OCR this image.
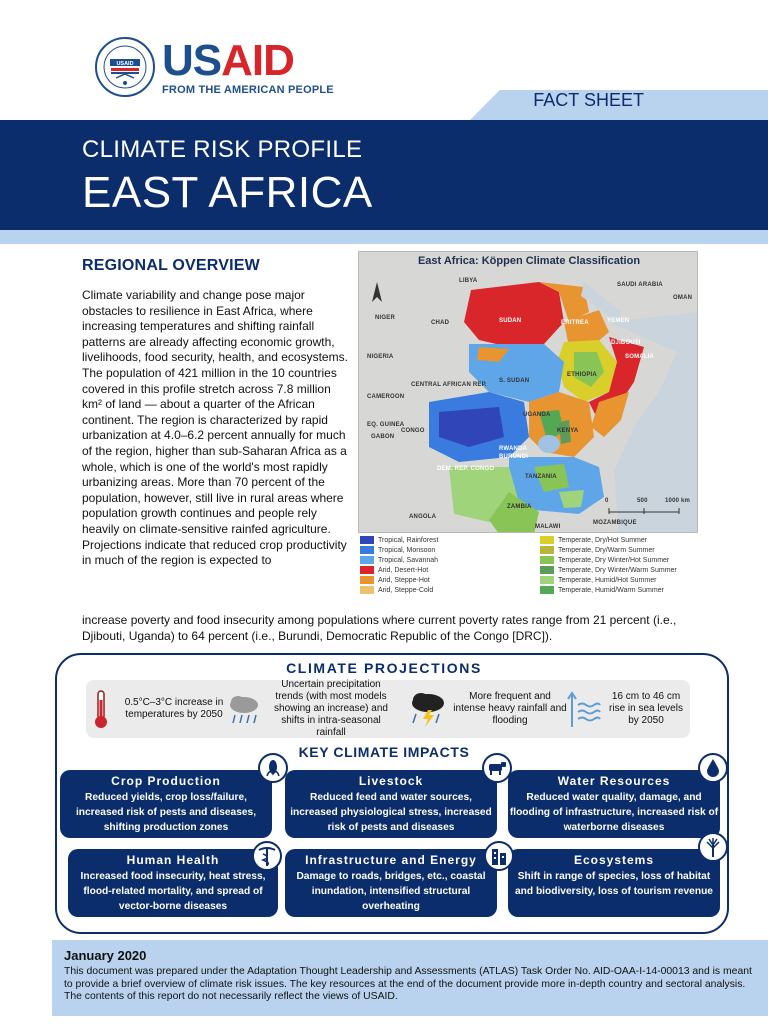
USAID USAID
FROM THE AMERICAN PEOPLE
FACT SHEET
CLIMATE RISK PROFILE
EAST AFRICA
REGIONAL OVERVIEW
Climate variability and change pose major obstacles to resilience in East Africa, where increasing temperatures and shifting rainfall patterns are already affecting economic growth, livelihoods, food security, health, and ecosystems. The population of 421 million in the 10 countries covered in this profile stretch across 7.8 million km² of land — about a quarter of the African continent. The region is characterized by rapid urbanization at 4.0–6.2 percent annually for much of the region, higher than sub-Saharan Africa as a whole, which is one of the world's most rapidly urbanizing areas. More than 70 percent of the population, however, still live in rural areas where population growth continues and people rely heavily on climate-sensitive rainfed agriculture. Projections indicate that reduced crop productivity in much of the region is expected to
increase poverty and food insecurity among populations where current poverty rates range from 21 percent (i.e., Djibouti, Uganda) to 64 percent (i.e., Burundi, Democratic Republic of the Congo [DRC]).
East Africa: Köppen Climate Classification
LIBYA
SAUDI ARABIA
OMAN
NIGER
CHAD	SUDAN	ERITREA	YEMEN
DJIBOUTI
NIGERIA
ETHIOPIA
SOMALIA
CENTRAL AFRICAN REP.
S. SUDAN
CAMEROON
EQ. GUINEA
GABON
CONGO
UGANDA
KENYA
RWANDA
BURUNDI
DEM. REP. CONGO
TANZANIA
ANGOLA
ZAMBIA
MALAWI
MOZAMBIQUE
0	500	1000 km
Tropical, Rainforest
Tropical, Monsoon
Tropical, Savannah
Arid, Desert-Hot
Arid, Steppe-Hot
Arid, Steppe-Cold
Temperate, Dry/Hot Summer
Temperate, Dry/Warm Summer
Temperate, Dry Winter/Hot Summer
Temperate, Dry Winter/Warm Summer
Temperate, Humid/Hot Summer
Temperate, Humid/Warm Summer
CLIMATE PROJECTIONS
0.5°C–3°C increase in temperatures by 2050
Uncertain precipitation trends (with most models showing an increase) and shifts in intra-seasonal rainfall
More frequent and intense heavy rainfall and flooding
16 cm to 46 cm rise in sea levels by 2050
KEY CLIMATE IMPACTS
Crop Production
Reduced yields, crop loss/failure, increased risk of pests and diseases, shifting production zones
Livestock
Reduced feed and water sources, increased physiological stress, increased risk of pests and diseases
Water Resources
Reduced water quality, damage, and flooding of infrastructure, increased risk of waterborne diseases
Human Health
Increased food insecurity, heat stress, flood-related mortality, and spread of vector-borne diseases
Infrastructure and Energy
Damage to roads, bridges, etc., coastal inundation, intensified structural overheating
Ecosystems
Shift in range of species, loss of habitat and biodiversity, loss of tourism revenue
January 2020
This document was prepared under the Adaptation Thought Leadership and Assessments (ATLAS) Task Order No. AID-OAA-I-14-00013 and is meant to provide a brief overview of climate risk issues. The key resources at the end of the document provide more in-depth country and sectoral analysis. The contents of this report do not necessarily reflect the views of USAID.
